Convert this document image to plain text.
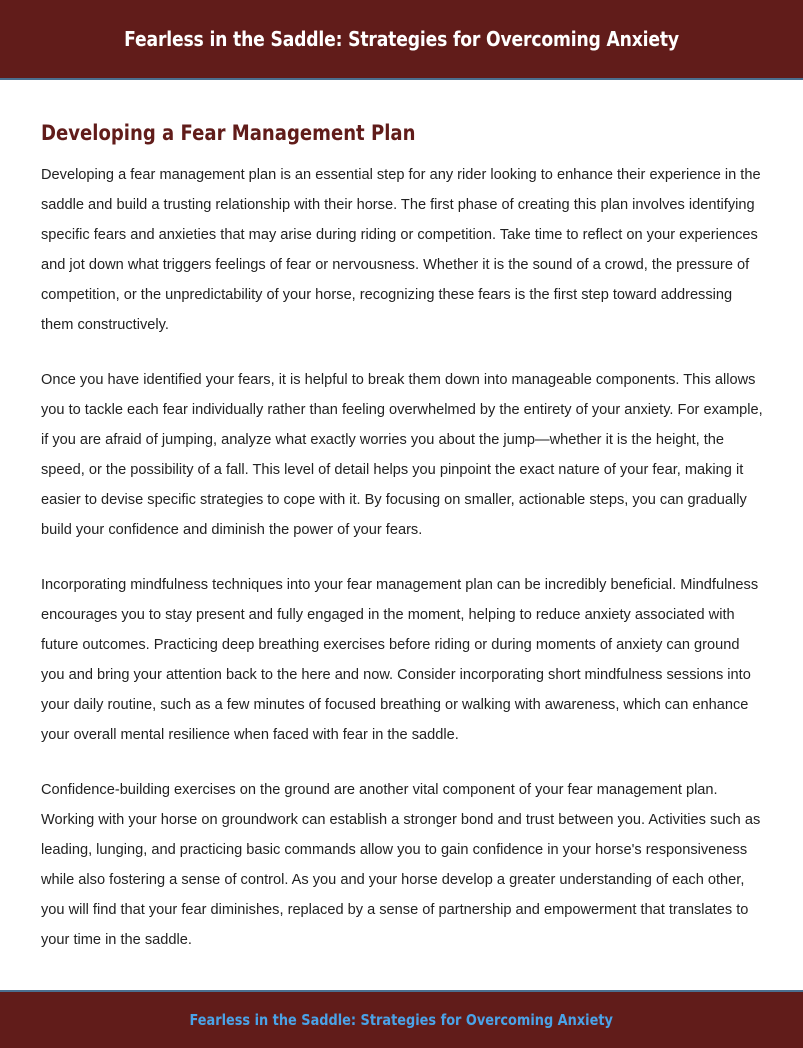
Fearless in the Saddle: Strategies for Overcoming Anxiety
Developing a Fear Management Plan

Developing a fear management plan is an essential step for any rider looking to enhance their experience in the saddle and build a trusting relationship with their horse. The first phase of creating this plan involves identifying specific fears and anxieties that may arise during riding or competition. Take time to reflect on your experiences and jot down what triggers feelings of fear or nervousness. Whether it is the sound of a crowd, the pressure of competition, or the unpredictability of your horse, recognizing these fears is the first step toward addressing them constructively.

Once you have identified your fears, it is helpful to break them down into manageable components. This allows you to tackle each fear individually rather than feeling overwhelmed by the entirety of your anxiety. For example, if you are afraid of jumping, analyze what exactly worries you about the jump—whether it is the height, the speed, or the possibility of a fall. This level of detail helps you pinpoint the exact nature of your fear, making it easier to devise specific strategies to cope with it. By focusing on smaller, actionable steps, you can gradually build your confidence and diminish the power of your fears.

Incorporating mindfulness techniques into your fear management plan can be incredibly beneficial. Mindfulness encourages you to stay present and fully engaged in the moment, helping to reduce anxiety associated with future outcomes. Practicing deep breathing exercises before riding or during moments of anxiety can ground you and bring your attention back to the here and now. Consider incorporating short mindfulness sessions into your daily routine, such as a few minutes of focused breathing or walking with awareness, which can enhance your overall mental resilience when faced with fear in the saddle.

Confidence-building exercises on the ground are another vital component of your fear management plan. Working with your horse on groundwork can establish a stronger bond and trust between you. Activities such as leading, lunging, and practicing basic commands allow you to gain confidence in your horse's responsiveness while also fostering a sense of control. As you and your horse develop a greater understanding of each other, you will find that your fear diminishes, replaced by a sense of partnership and empowerment that translates to your time in the saddle.

Fearless in the Saddle: Strategies for Overcoming Anxiety
